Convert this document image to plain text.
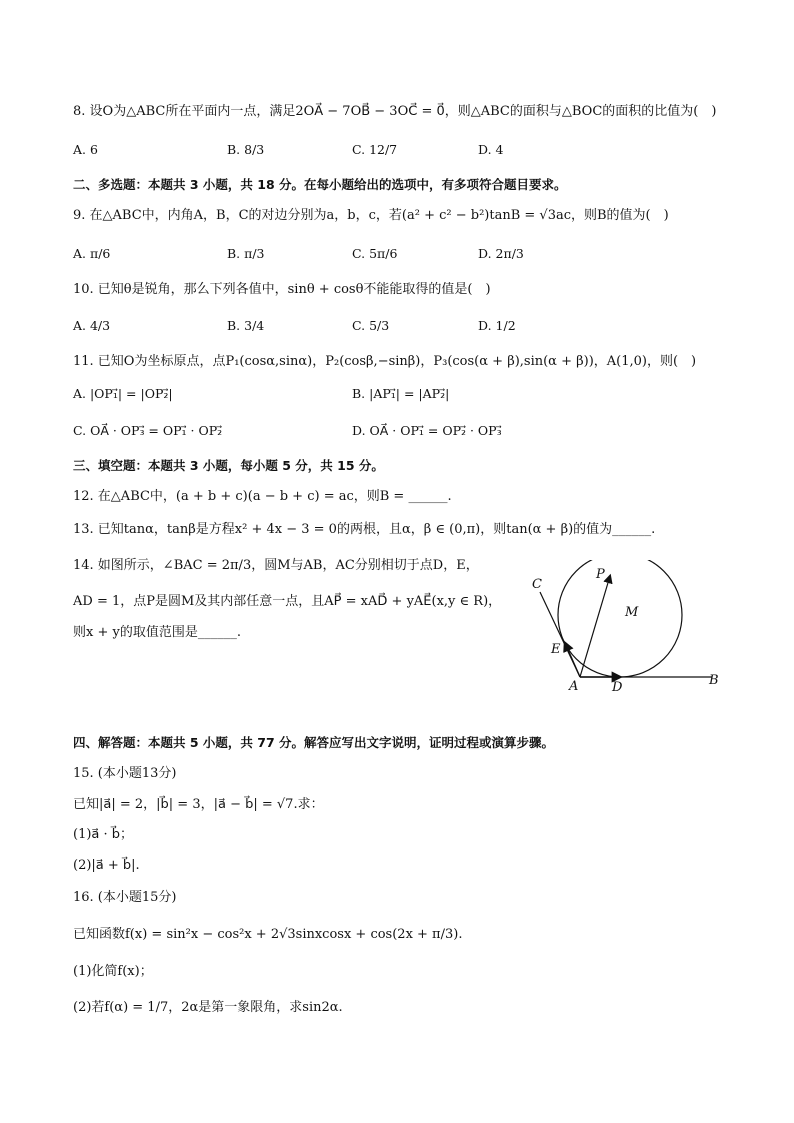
8. 设O为△ABC所在平面内一点，满足2OA⃗ − 7OB⃗ − 3OC⃗ = 0⃗，则△ABC的面积与△BOC的面积的比值为(　)
A. 6	B. 8/3	C. 12/7	D. 4
二、多选题：本题共 3 小题，共 18 分。在每小题给出的选项中，有多项符合题目要求。
9. 在△ABC中，内角A，B，C的对边分别为a，b，c，若(a² + c² − b²)tanB = √3ac，则B的值为(　)
A. π/6	B. π/3	C. 5π/6	D. 2π/3
10. 已知θ是锐角，那么下列各值中，sinθ + cosθ不能能取得的值是(　)
A. 4/3	B. 3/4	C. 5/3	D. 1/2
11. 已知O为坐标原点，点P₁(cosα,sinα)，P₂(cosβ,−sinβ)，P₃(cos(α + β),sin(α + β))，A(1,0)，则(　)
A. |OP₁⃗| = |OP₂⃗|	B. |AP₁⃗| = |AP₂⃗|
C. OA⃗ · OP₃⃗ = OP₁⃗ · OP₂⃗	D. OA⃗ · OP₁⃗ = OP₂⃗ · OP₃⃗
三、填空题：本题共 3 小题，每小题 5 分，共 15 分。
12. 在△ABC中，(a + b + c)(a − b + c) = ac，则B = ______.
13. 已知tanα，tanβ是方程x² + 4x − 3 = 0的两根，且α，β ∈ (0,π)，则tan(α + β)的值为______.
14. 如图所示，∠BAC = 2π/3，圆M与AB，AC分别相切于点D，E，
AD = 1，点P是圆M及其内部任意一点，且AP⃗ = xAD⃗ + yAE⃗(x,y ∈ R)，
则x + y的取值范围是______.
C
P
M
E
A	D	B
四、解答题：本题共 5 小题，共 77 分。解答应写出文字说明，证明过程或演算步骤。
15. (本小题13分)
已知|a⃗| = 2，|b⃗| = 3，|a⃗ − b⃗| = √7.求：
(1)a⃗ · b⃗；
(2)|a⃗ + b⃗|.
16. (本小题15分)
已知函数f(x) = sin²x − cos²x + 2√3sinxcosx + cos(2x + π/3).
(1)化简f(x)；
(2)若f(α) = 1/7，2α是第一象限角，求sin2α.
